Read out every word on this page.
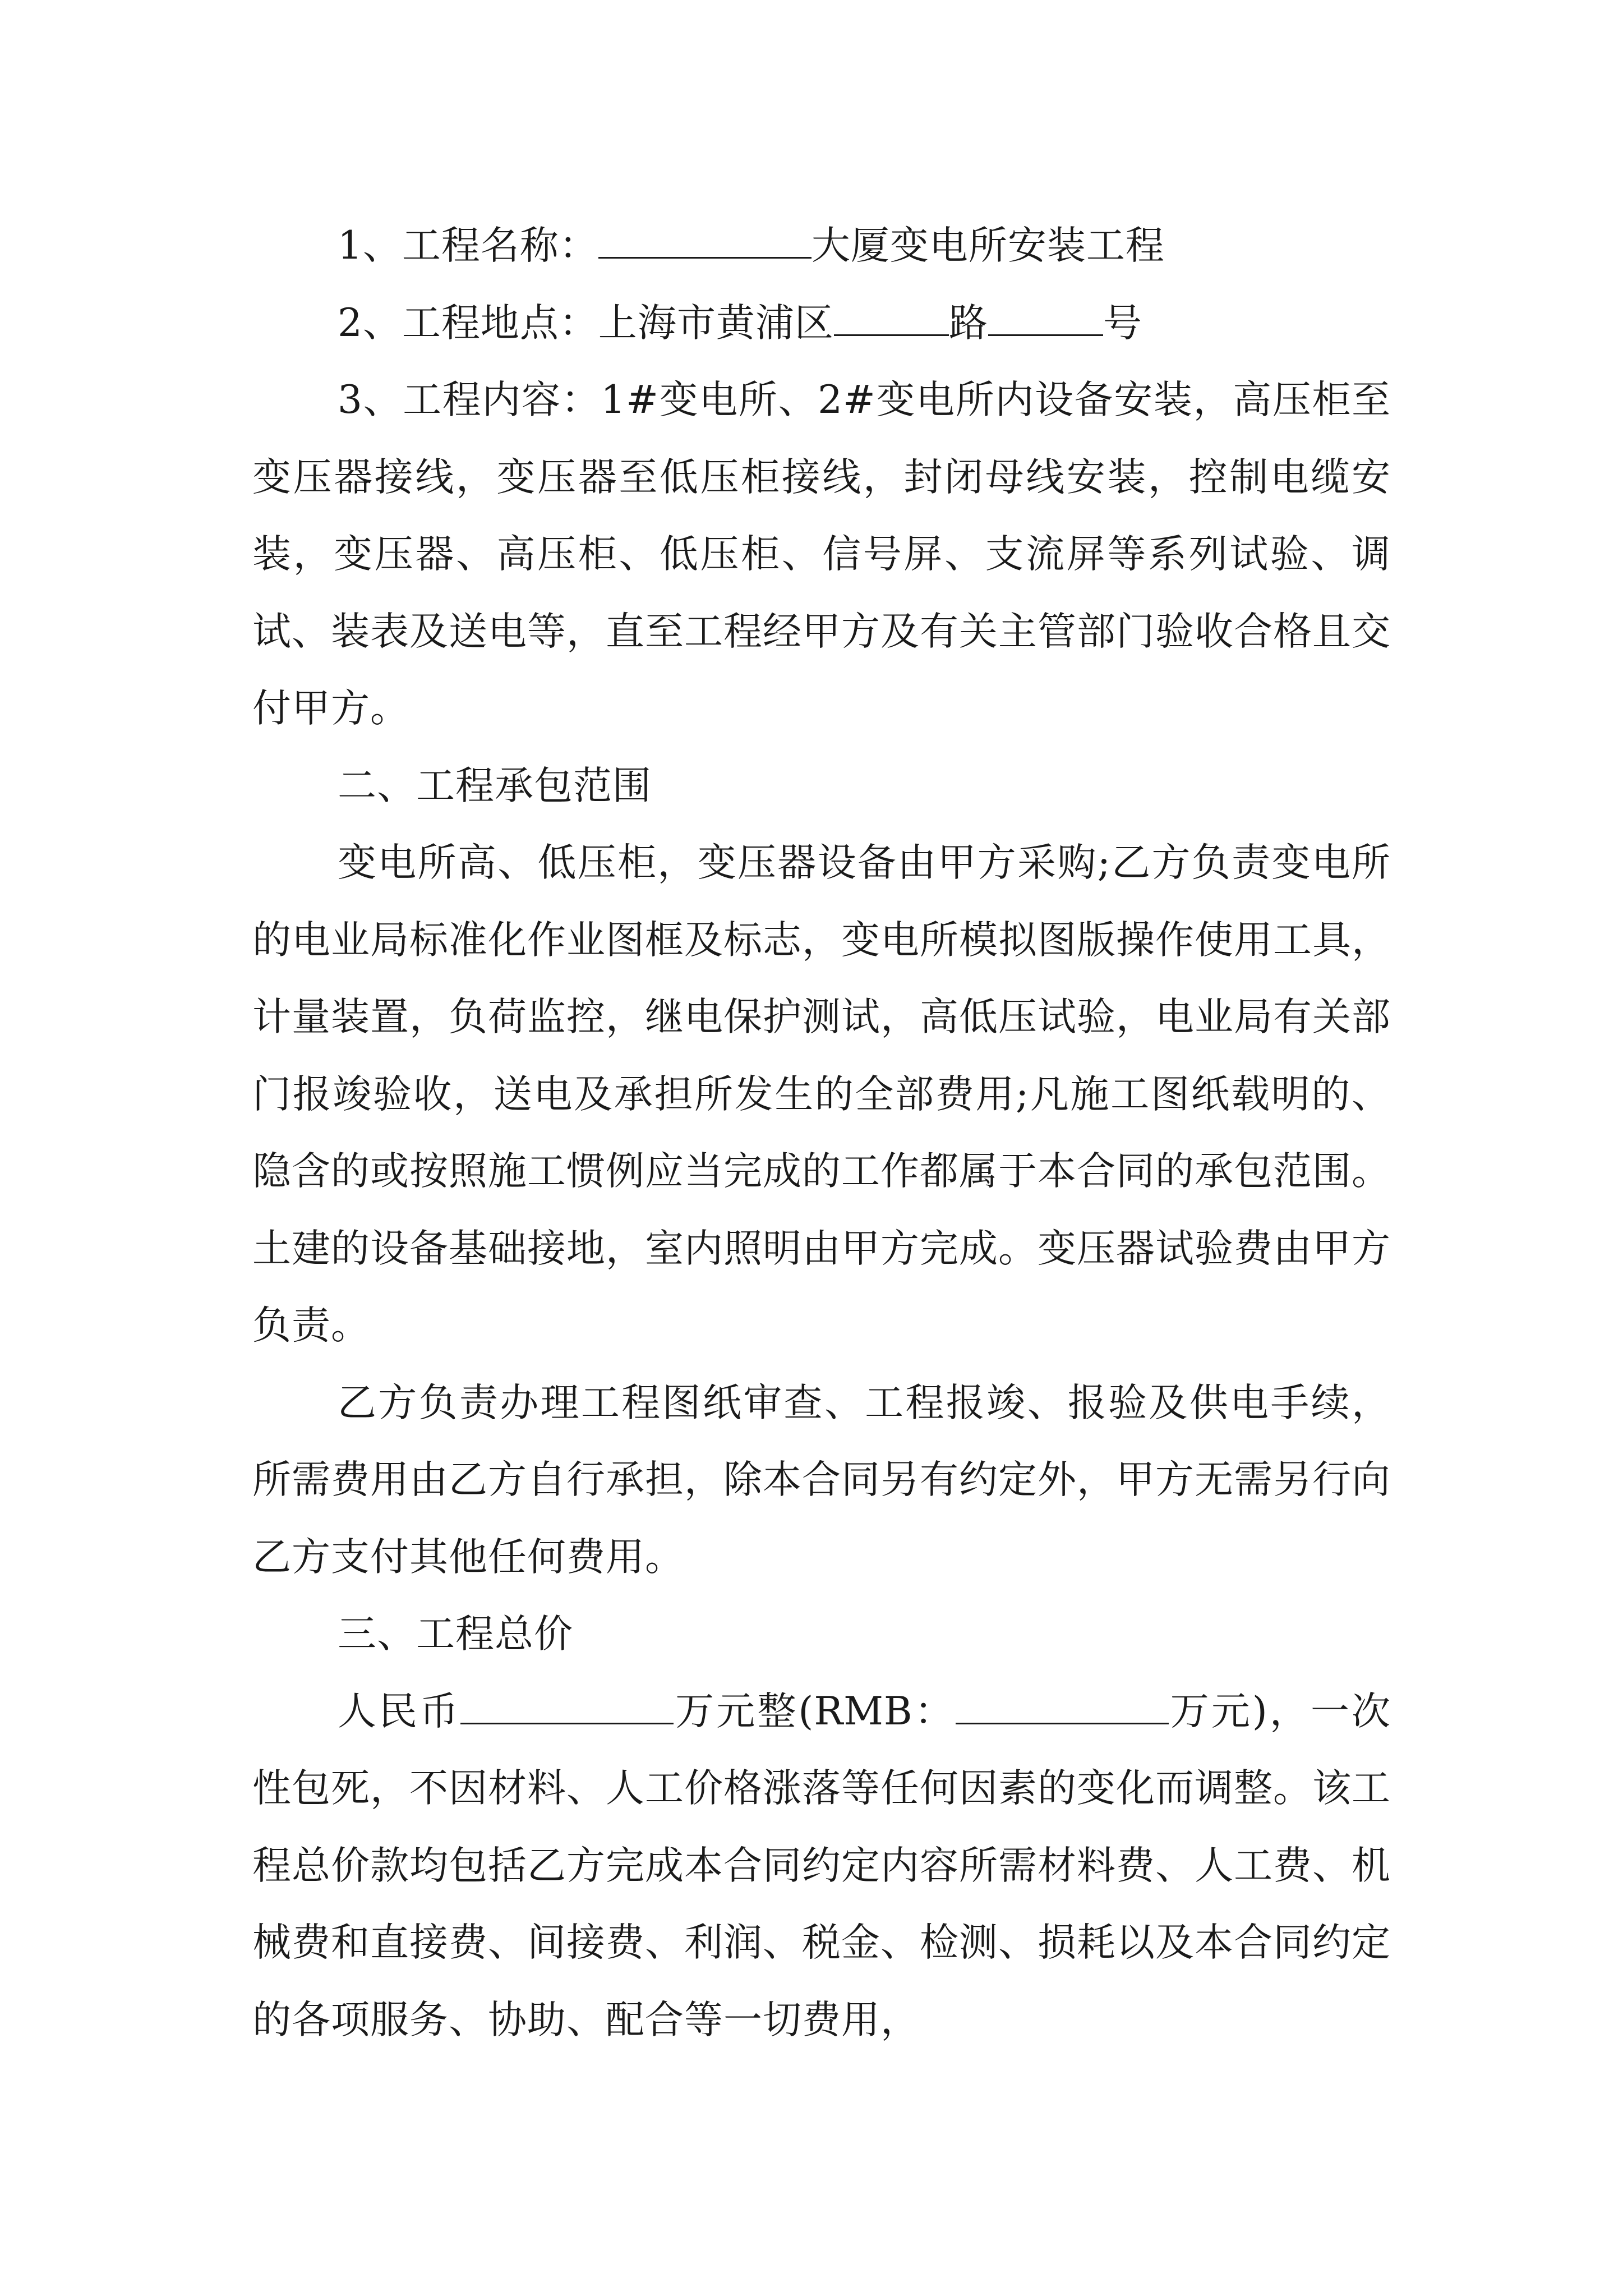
1、工程名称：	大厦变电所安装工程

2、工程地点：上海市黄浦区	路	号

3、工程内容：1#变电所、2#变电所内设备安装，高压柜至变压器接线，变压器至低压柜接线，封闭母线安装，控制电缆安装，变压器、高压柜、低压柜、信号屏、支流屏等系列试验、调试、装表及送电等，直至工程经甲方及有关主管部门验收合格且交付甲方。

二、工程承包范围

变电所高、低压柜，变压器设备由甲方采购;乙方负责变电所的电业局标准化作业图框及标志，变电所模拟图版操作使用工具，计量装置，负荷监控，继电保护测试，高低压试验，电业局有关部门报竣验收，送电及承担所发生的全部费用;凡施工图纸载明的、隐含的或按照施工惯例应当完成的工作都属于本合同的承包范围。土建的设备基础接地，室内照明由甲方完成。变压器试验费由甲方负责。

乙方负责办理工程图纸审查、工程报竣、报验及供电手续，所需费用由乙方自行承担，除本合同另有约定外，甲方无需另行向乙方支付其他任何费用。

三、工程总价

人民币	万元整(RMB：	万元)，一次性包死，不因材料、人工价格涨落等任何因素的变化而调整。该工程总价款均包括乙方完成本合同约定内容所需材料费、人工费、机械费和直接费、间接费、利润、税金、检测、损耗以及本合同约定的各项服务、协助、配合等一切费用，
